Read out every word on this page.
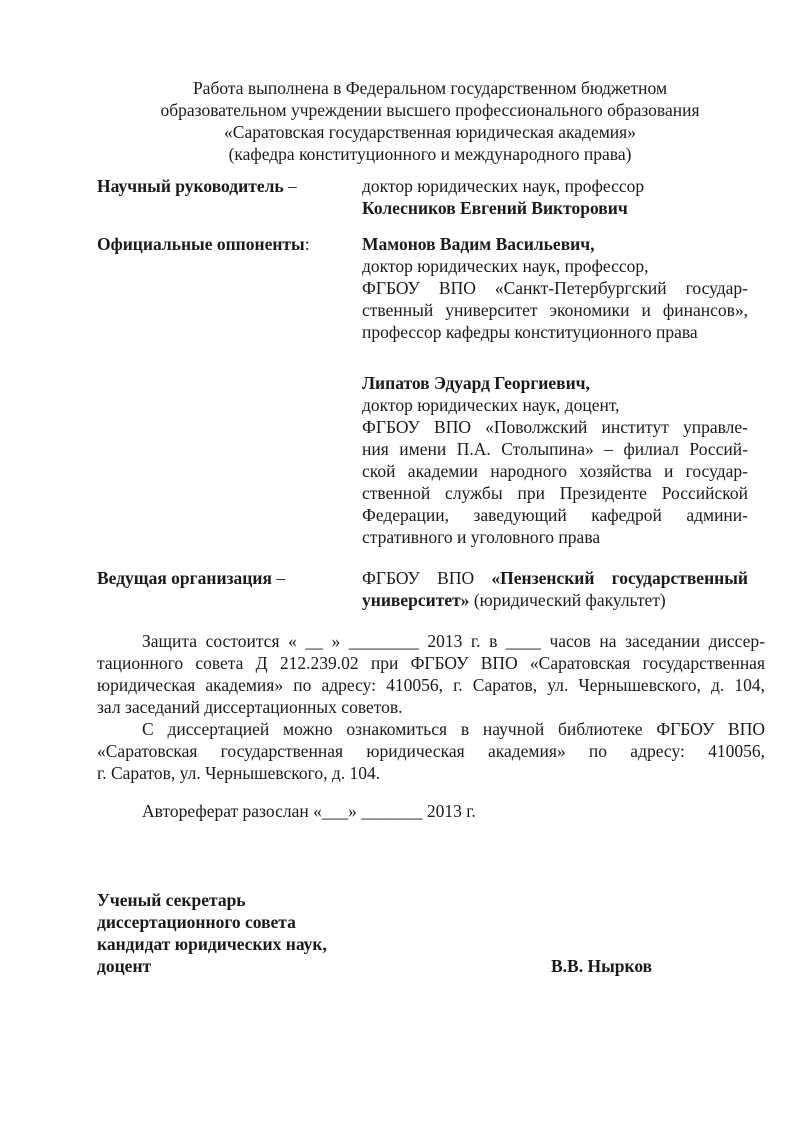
Работа выполнена в Федеральном государственном бюджетном
образовательном учреждении высшего профессионального образования
«Саратовская государственная юридическая академия»
(кафедра конституционного и международного права)
Научный руководитель –	доктор юридических наук, профессор
Колесников Евгений Викторович
Официальные оппоненты:	Мамонов Вадим Васильевич,
доктор юридических наук, профессор,
ФГБОУ ВПО «Санкт-Петербургский государ-
ственный университет экономики и финансов»,
профессор кафедры конституционного права
Липатов Эдуард Георгиевич,
доктор юридических наук, доцент,
ФГБОУ ВПО «Поволжский институт управле-
ния имени П.А. Столыпина» – филиал Россий-
ской академии народного хозяйства и государ-
ственной службы при Президенте Российской
Федерации, заведующий кафедрой админи-
стративного и уголовного права
Ведущая организация –	ФГБОУ ВПО «Пензенский государственный
университет» (юридический факультет)
Защита состоится « __ » ________ 2013 г. в ____ часов на заседании диссер-
тационного совета Д 212.239.02 при ФГБОУ ВПО «Саратовская государственная
юридическая академия» по адресу: 410056, г. Саратов, ул. Чернышевского, д. 104,
зал заседаний диссертационных советов.
С диссертацией можно ознакомиться в научной библиотеке ФГБОУ ВПО
«Саратовская государственная юридическая академия» по адресу: 410056,
г. Саратов, ул. Чернышевского, д. 104.
Автореферат разослан «___» _______ 2013 г.
Ученый секретарь
диссертационного совета
кандидат юридических наук,
доцент	В.В. Нырков
